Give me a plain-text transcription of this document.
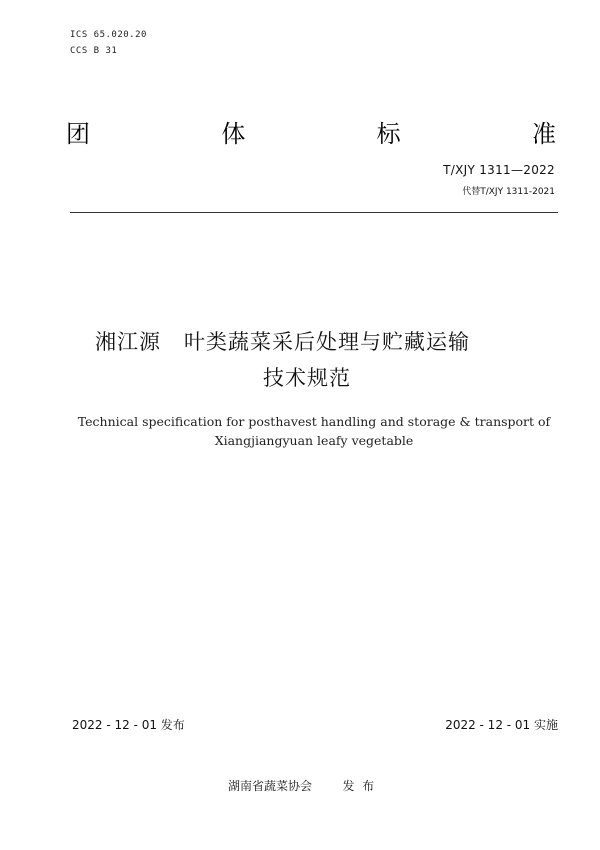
ICS 65.020.20
CCS B 31
团	体	标	准
T/XJY 1311—2022
代替T/XJY 1311-2021
湘江源   叶类蔬菜采后处理与贮藏运输
技术规范
Technical specification for posthavest handling and storage & transport of
Xiangjiangyuan leafy vegetable
2022 - 12 - 01 发布	2022 - 12 - 01 实施
湖南省蔬菜协会        发  布
